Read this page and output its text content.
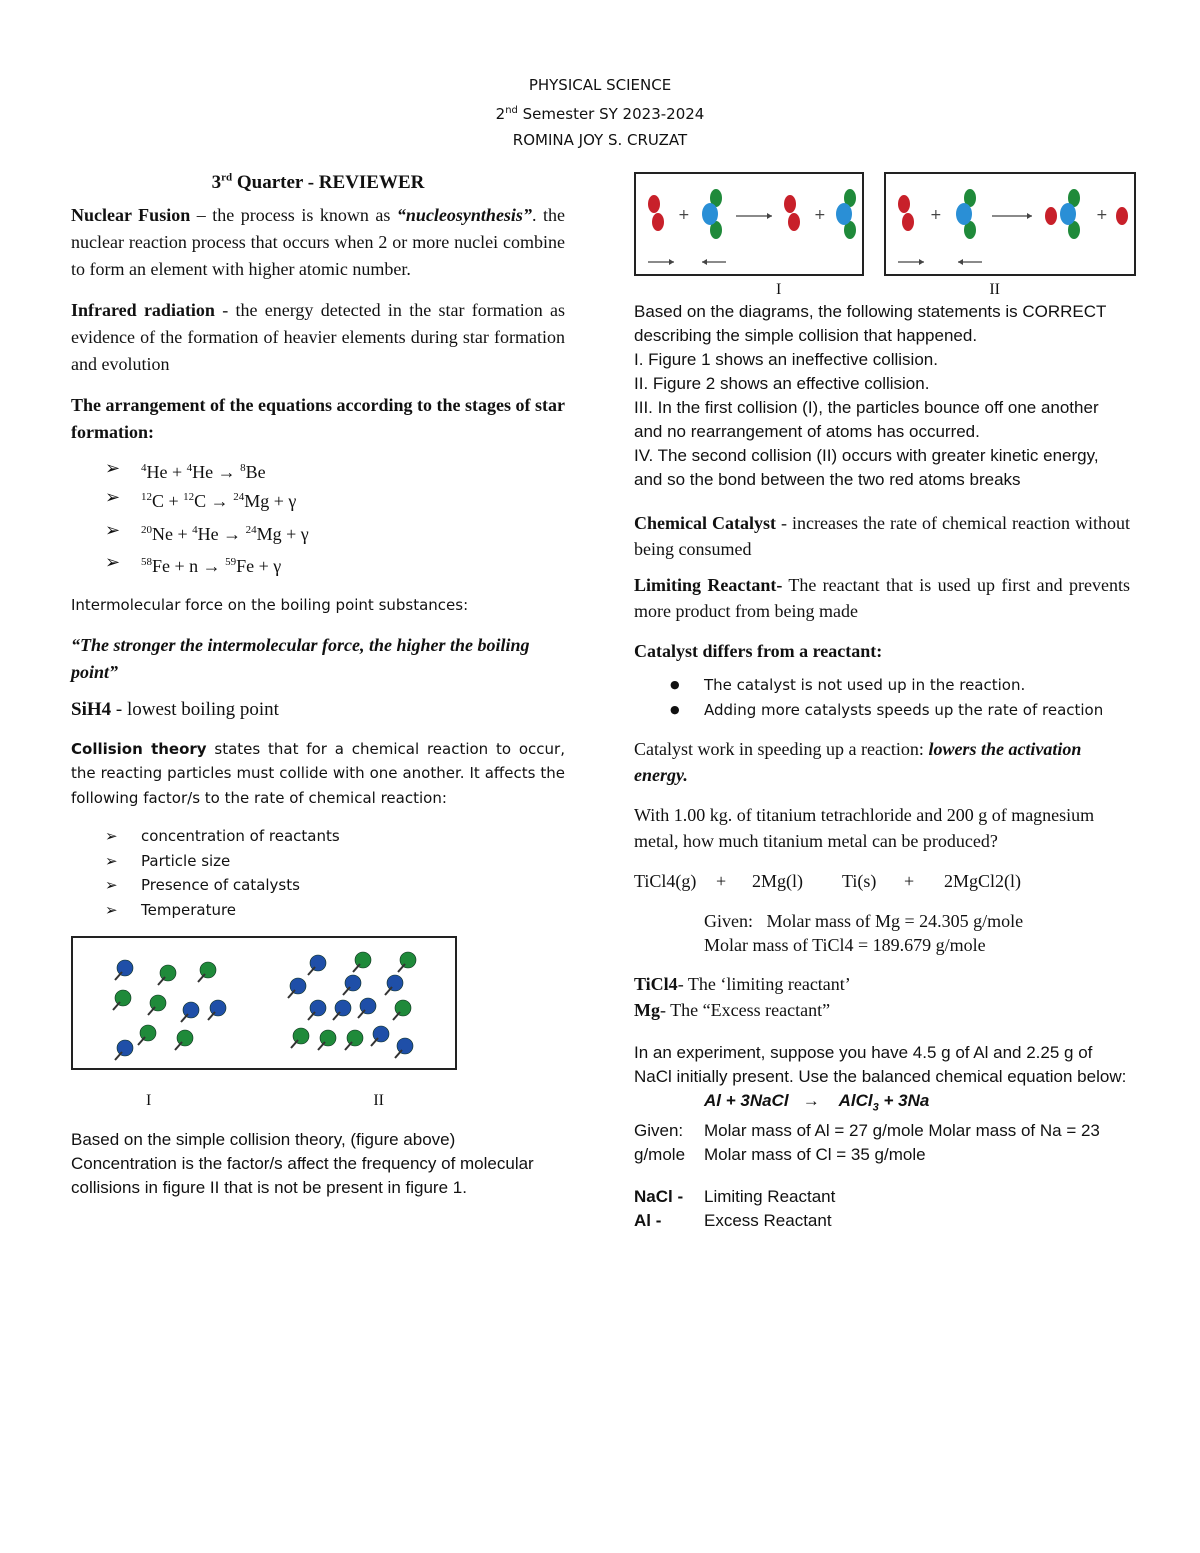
PHYSICAL SCIENCE
2nd Semester SY 2023-2024
ROMINA JOY S. CRUZAT
3rd Quarter - REVIEWER

Nuclear Fusion – the process is known as “nucleosynthesis”. the nuclear reaction process that occurs when 2 or more nuclei combine to form an element with higher atomic number.

Infrared radiation - the energy detected in the star formation as evidence of the formation of heavier elements during star formation and evolution

The arrangement of the equations according to the stages of star formation:

➢ $^4$He + $^4$He → $^8$Be
➢ $^{12}$C + $^{12}$C → $^{24}$Mg + γ
➢ $^{20}$Ne + $^4$He → $^{24}$Mg + γ
➢ $^{58}$Fe + n → $^{59}$Fe + γ

Intermolecular force on the boiling point substances:

“The stronger the intermolecular force, the higher the boiling point”

SiH4 - lowest boiling point

Collision theory states that for a chemical reaction to occur, the reacting particles must collide with one another. It affects the following factor/s to the rate of chemical reaction:

➢ concentration of reactants
➢ Particle size
➢ Presence of catalysts
➢ Temperature
I	II

Based on the simple collision theory, (figure above) Concentration is the factor/s affect the frequency of molecular collisions in figure II that is not be present in figure 1.

+	+	+	+
I	II

Based on the diagrams, the following statements is CORRECT describing the simple collision that happened.

I. Figure 1 shows an ineffective collision.
II. Figure 2 shows an effective collision.
III. In the first collision (I), the particles bounce off one another and no rearrangement of atoms has occurred.
IV. The second collision (II) occurs with greater kinetic energy, and so the bond between the two red atoms breaks

Chemical Catalyst - increases the rate of chemical reaction without being consumed

Limiting Reactant- The reactant that is used up first and prevents more product from being made

Catalyst differs from a reactant:

● The catalyst is not used up in the reaction.
● Adding more catalysts speeds up the rate of reaction

Catalyst work in speeding up a reaction: lowers the activation energy.

With 1.00 kg. of titanium tetrachloride and 200 g of magnesium metal, how much titanium metal can be produced?

TiCl4(g)	+	2Mg(l)	Ti(s)	+	2MgCl2(l)
Given: Molar mass of Mg = 24.305 g/mole
Molar mass of TiCl4 = 189.679 g/mole
TiCl4- The ‘limiting reactant’
Mg- The “Excess reactant”

In an experiment, suppose you have 4.5 g of Al and 2.25 g of NaCl initially present. Use the balanced chemical equation below:

Al + 3NaCl → AlCl$_3$ + 3Na
Given:	Molar mass of Al = 27 g/mole Molar mass of Na = 23
g/mole	Molar mass of Cl = 35 g/mole
NaCl -	Limiting Reactant
Al -	Excess Reactant
